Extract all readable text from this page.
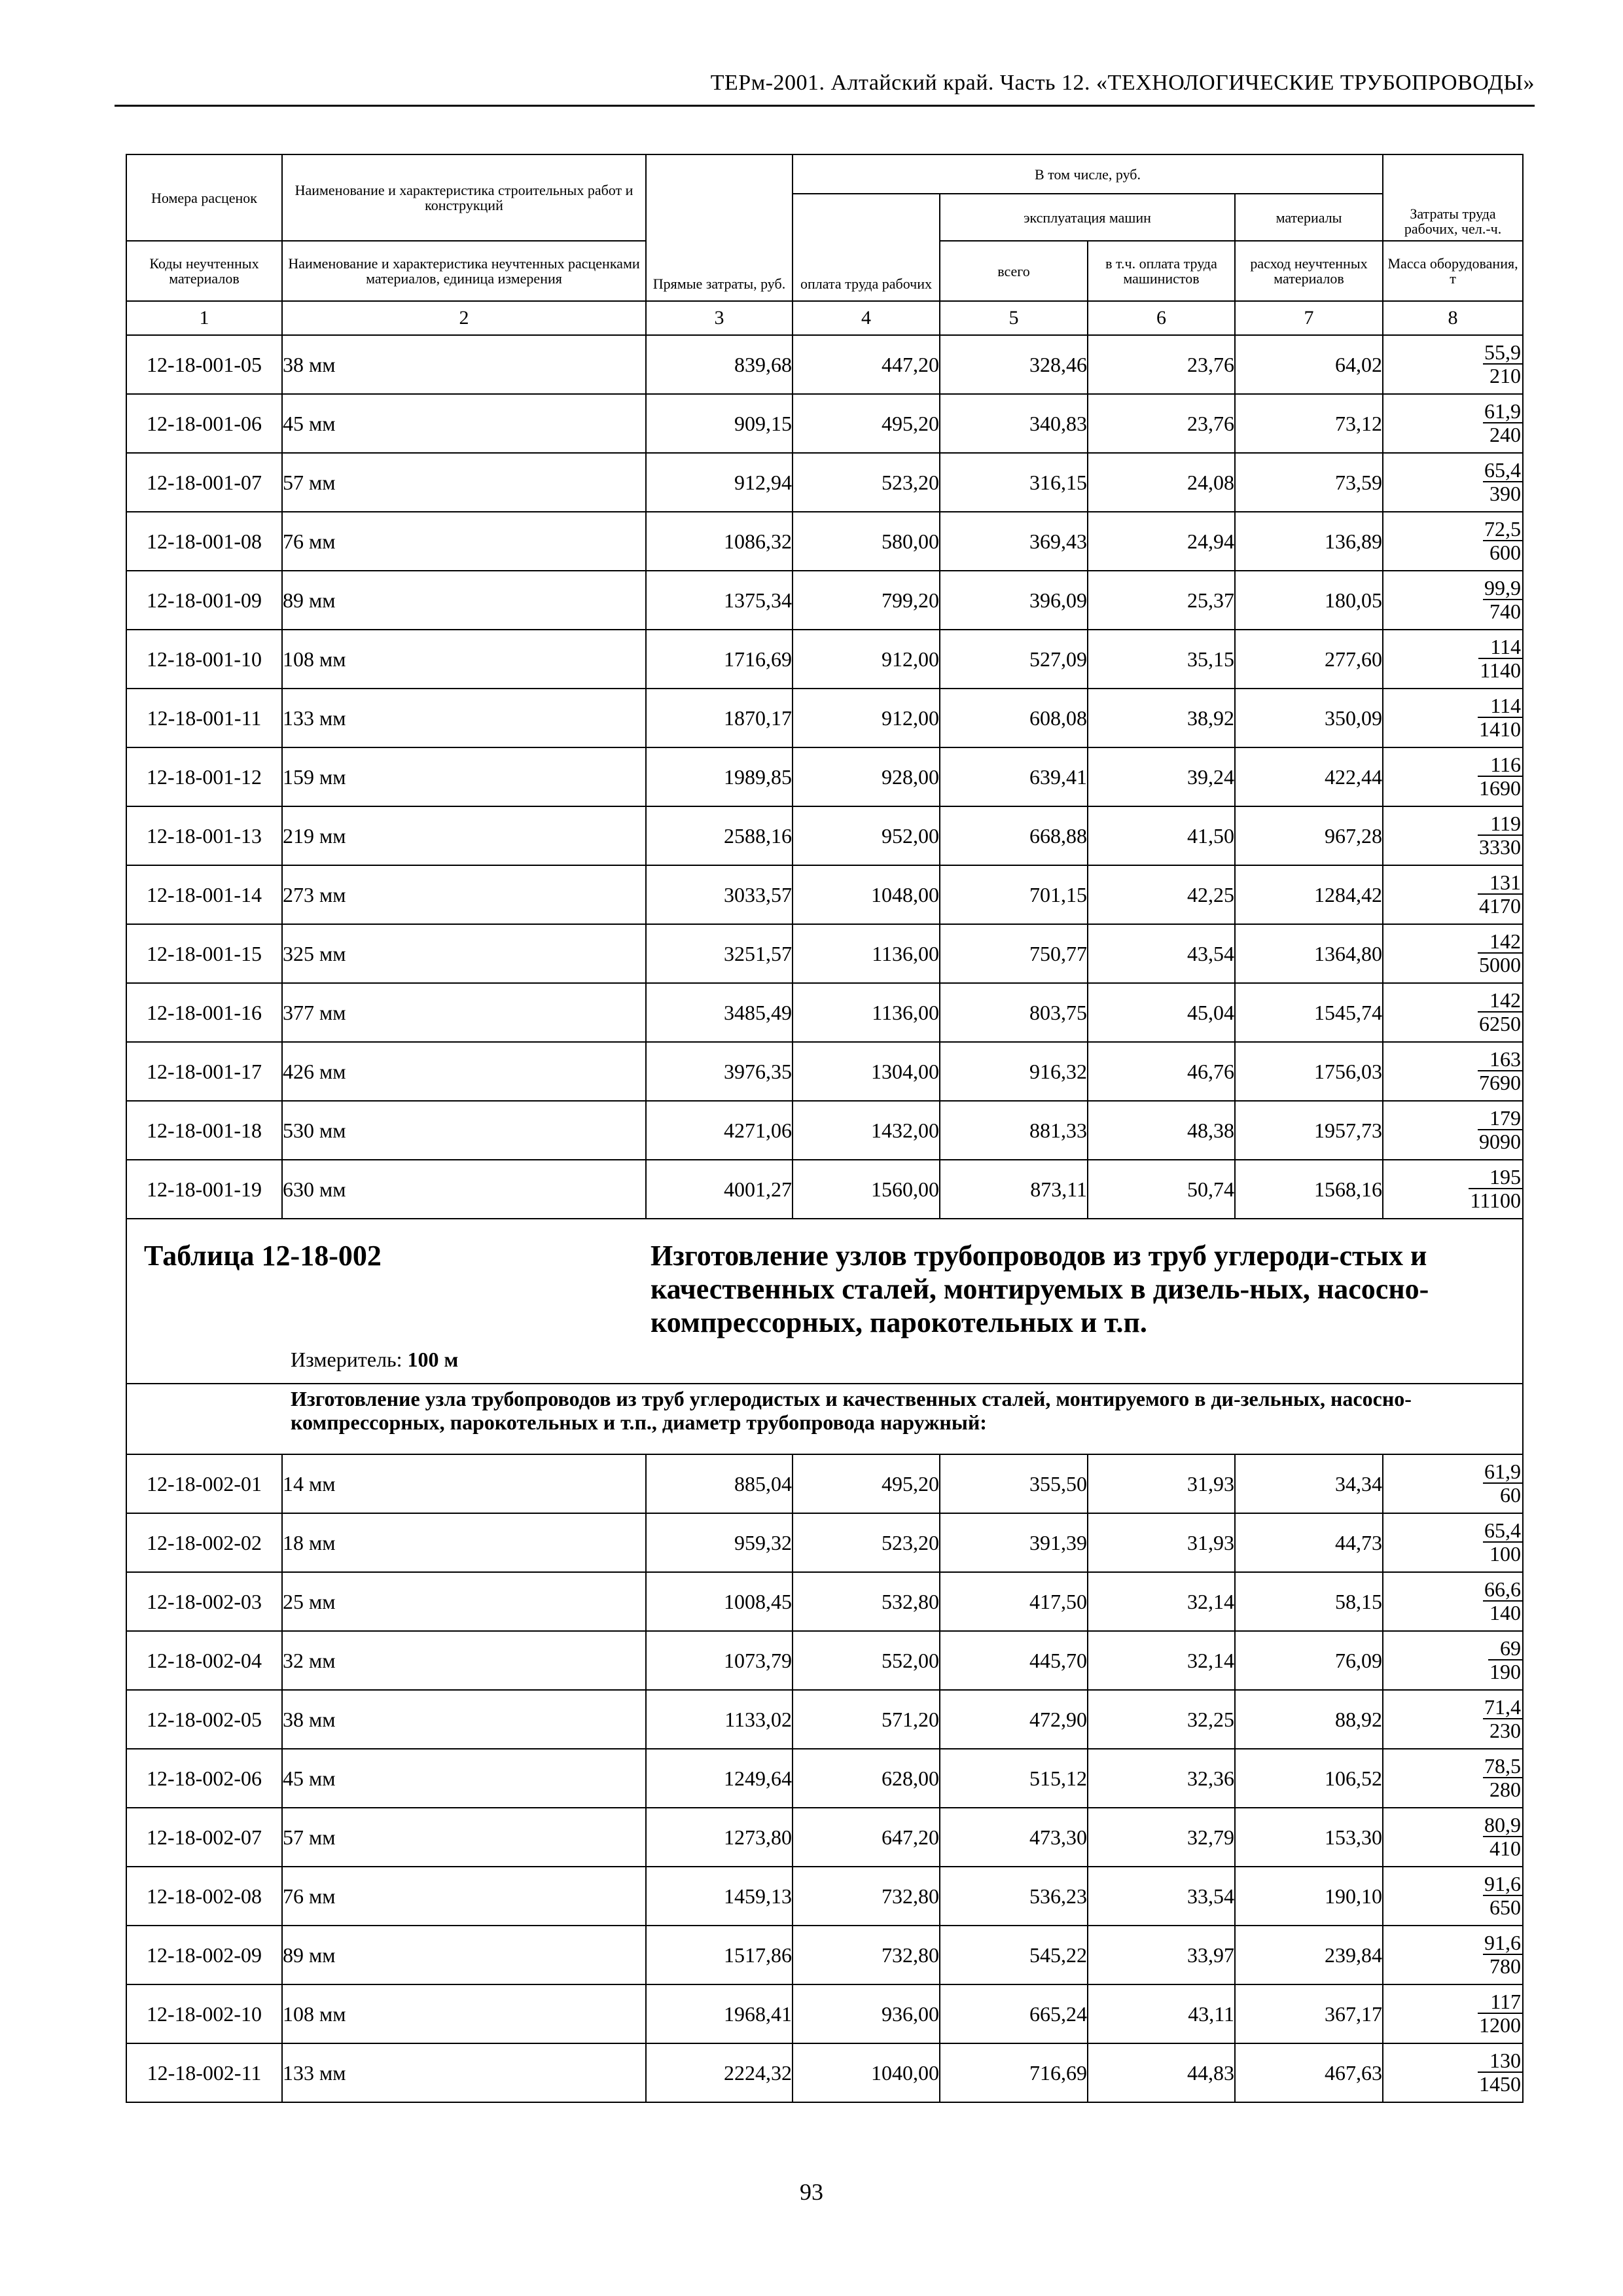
ТЕРм-2001. Алтайский край. Часть 12. «ТЕХНОЛОГИЧЕСКИЕ ТРУБОПРОВОДЫ»
Номера расценок	Наименование и характеристика строительных работ и конструкций	Прямые затраты, руб.	В том числе, руб.				Затраты труда рабочих, чел.-ч.
			оплата труда рабочих	эксплуатация машин		материалы	
Коды неучтенных материалов	Наименование и характеристика неучтенных расценками материалов, единица измерения			всего	в т.ч. оплата труда машинистов	расход неучтенных материалов	Масса оборудования, т
1	2	3	4	5	6	7	8
12-18-001-05	38 мм	839,68	447,20	328,46	23,76	64,02	$\frac{55,9}{210}$

12-18-001-06	45 мм	909,15	495,20	340,83	23,76	73,12	$\frac{61,9}{240}$

12-18-001-07	57 мм	912,94	523,20	316,15	24,08	73,59	$\frac{65,4}{390}$

12-18-001-08	76 мм	1086,32	580,00	369,43	24,94	136,89	$\frac{72,5}{600}$

12-18-001-09	89 мм	1375,34	799,20	396,09	25,37	180,05	$\frac{99,9}{740}$

12-18-001-10	108 мм	1716,69	912,00	527,09	35,15	277,60	$\frac{114}{1140}$

12-18-001-11	133 мм	1870,17	912,00	608,08	38,92	350,09	$\frac{114}{1410}$

12-18-001-12	159 мм	1989,85	928,00	639,41	39,24	422,44	$\frac{116}{1690}$

12-18-001-13	219 мм	2588,16	952,00	668,88	41,50	967,28	$\frac{119}{3330}$

12-18-001-14	273 мм	3033,57	1048,00	701,15	42,25	1284,42	$\frac{131}{4170}$

12-18-001-15	325 мм	3251,57	1136,00	750,77	43,54	1364,80	$\frac{142}{5000}$

12-18-001-16	377 мм	3485,49	1136,00	803,75	45,04	1545,74	$\frac{142}{6250}$

12-18-001-17	426 мм	3976,35	1304,00	916,32	46,76	1756,03	$\frac{163}{7690}$

12-18-001-18	530 мм	4271,06	1432,00	881,33	48,38	1957,73	$\frac{179}{9090}$

12-18-001-19	630 мм	4001,27	1560,00	873,11	50,74	1568,16	$\frac{195}{11100}$

Таблица 12-18-002 Изготовление узлов трубопроводов из труб углероди-стых и качественных сталей, монтируемых в дизель-ных, насосно-компрессорных, парокотельных и т.п.
Измеритель: 100 м							

Изготовление узла трубопроводов из труб углеродистых и качественных сталей, монтируемого в ди-зельных, насосно-компрессорных, парокотельных и т.п., диаметр трубопровода наружный:							
12-18-002-01	14 мм	885,04	495,20	355,50	31,93	34,34	$\frac{61,9}{60}$

12-18-002-02	18 мм	959,32	523,20	391,39	31,93	44,73	$\frac{65,4}{100}$

12-18-002-03	25 мм	1008,45	532,80	417,50	32,14	58,15	$\frac{66,6}{140}$

12-18-002-04	32 мм	1073,79	552,00	445,70	32,14	76,09	$\frac{69}{190}$

12-18-002-05	38 мм	1133,02	571,20	472,90	32,25	88,92	$\frac{71,4}{230}$

12-18-002-06	45 мм	1249,64	628,00	515,12	32,36	106,52	$\frac{78,5}{280}$

12-18-002-07	57 мм	1273,80	647,20	473,30	32,79	153,30	$\frac{80,9}{410}$

12-18-002-08	76 мм	1459,13	732,80	536,23	33,54	190,10	$\frac{91,6}{650}$

12-18-002-09	89 мм	1517,86	732,80	545,22	33,97	239,84	$\frac{91,6}{780}$

12-18-002-10	108 мм	1968,41	936,00	665,24	43,11	367,17	$\frac{117}{1200}$

12-18-002-11	133 мм	2224,32	1040,00	716,69	44,83	467,63	$\frac{130}{1450}$
93
